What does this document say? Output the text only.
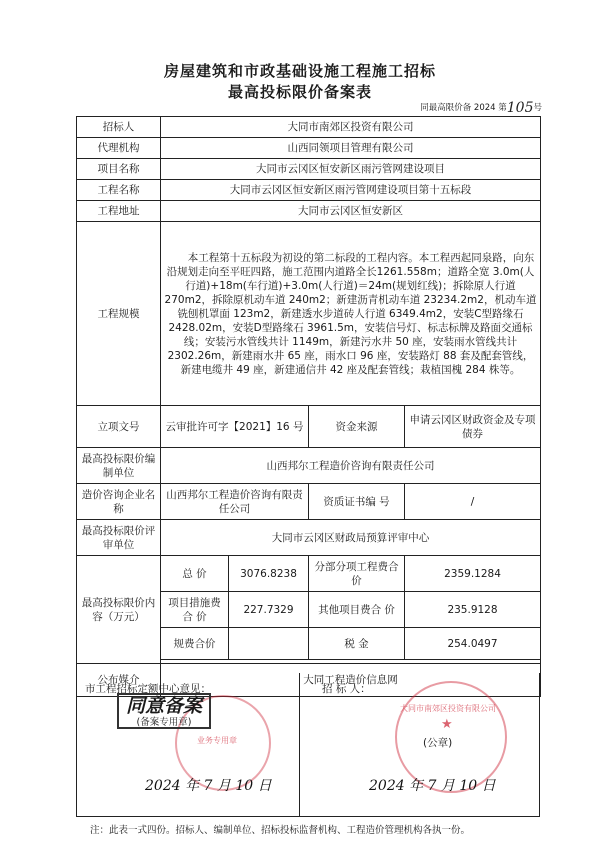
房屋建筑和市政基础设施工程施工招标
最高投标限价备案表
同最高限价备 2024 第105号
招标人	大同市南郊区投资有限公司			
代理机构	山西同领项目管理有限公司			
项目名称	大同市云冈区恒安新区雨污管网建设项目			
工程名称	大同市云冈区恒安新区雨污管网建设项目第十五标段			
工程地址	大同市云冈区恒安新区			
工程规模	本工程第十五标段为初设的第二标段的工程内容。本工程西起同泉路，向东沿规划走向至平旺四路，施工范围内道路全长1261.558m；道路全宽 3.0m(人行道)+18m(车行道)+3.0m(人行道)＝24m(规划红线)；拆除原人行道 270m2，拆除原机动车道 240m2；新建沥青机动车道 23234.2m2，机动车道铣刨机罩面 123m2，新建透水步道砖人行道 6349.4m2，安装C型路缘石 2428.02m，安装D型路缘石 3961.5m，安装信号灯、标志标牌及路面交通标线；安装污水管线共计 1149m，新建污水井 50 座，安装雨水管线共计 2302.26m，新建雨水井 65 座，雨水口 96 座，安装路灯 88 套及配套管线，新建电缆井 49 座，新建通信井 42 座及配套管线；栽植国槐 284 株等。			
立项文号	云审批许可字【2021】16 号		资金来源	申请云冈区财政资金及专项债券
最高投标限价编制单位	山西邦尔工程造价咨询有限责任公司			
造价咨询企业名称	山西邦尔工程造价咨询有限责任公司		资质证书编 号	/
最高投标限价评审单位	大同市云冈区财政局预算评审中心			
最高投标限价内容（万元）	总 价	3076.8238	分部分项工程费合价	2359.1284
	项目措施费合 价	227.7329	其他项目费合 价	235.9128
	规费合价		税 金	254.0497

公布媒介	大同工程造价信息网			
市工程招标定额中心意见：
业务专用章
同意备案
(备案专用章)
2024 年 7 月 10 日
招 标 人：
大同市南郊区投资有限公司
★
(公章)
2024 年 7 月 10 日
注：此表一式四份。招标人、编制单位、招标投标监督机构、工程造价管理机构各执一份。
